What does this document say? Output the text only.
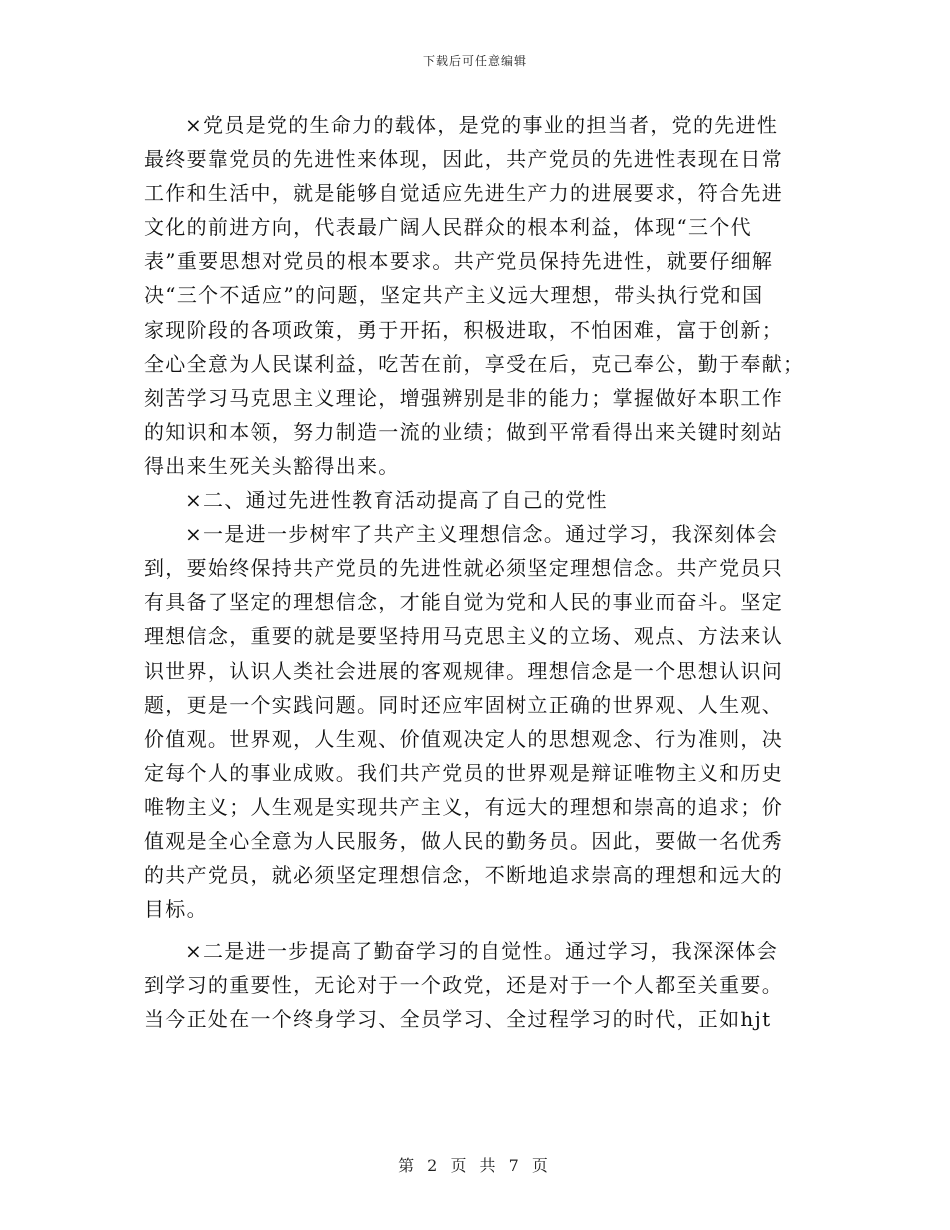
下载后可任意编辑
×党员是党的生命力的载体，是党的事业的担当者，党的先进性
最终要靠党员的先进性来体现，因此，共产党员的先进性表现在日常
工作和生活中，就是能够自觉适应先进生产力的进展要求，符合先进
文化的前进方向，代表最广阔人民群众的根本利益，体现“三个代
表”重要思想对党员的根本要求。共产党员保持先进性，就要仔细解
决“三个不适应”的问题，坚定共产主义远大理想，带头执行党和国
家现阶段的各项政策，勇于开拓，积极进取，不怕困难，富于创新；
全心全意为人民谋利益，吃苦在前，享受在后，克己奉公，勤于奉献；
刻苦学习马克思主义理论，增强辨别是非的能力；掌握做好本职工作
的知识和本领，努力制造一流的业绩；做到平常看得出来关键时刻站
得出来生死关头豁得出来。
×二、通过先进性教育活动提高了自己的党性
×一是进一步树牢了共产主义理想信念。通过学习，我深刻体会
到，要始终保持共产党员的先进性就必须坚定理想信念。共产党员只
有具备了坚定的理想信念，才能自觉为党和人民的事业而奋斗。坚定
理想信念，重要的就是要坚持用马克思主义的立场、观点、方法来认
识世界，认识人类社会进展的客观规律。理想信念是一个思想认识问
题，更是一个实践问题。同时还应牢固树立正确的世界观、人生观、
价值观。世界观，人生观、价值观决定人的思想观念、行为准则，决
定每个人的事业成败。我们共产党员的世界观是辩证唯物主义和历史
唯物主义；人生观是实现共产主义，有远大的理想和崇高的追求；价
值观是全心全意为人民服务，做人民的勤务员。因此，要做一名优秀
的共产党员，就必须坚定理想信念，不断地追求崇高的理想和远大的
目标。
×二是进一步提高了勤奋学习的自觉性。通过学习，我深深体会
到学习的重要性，无论对于一个政党，还是对于一个人都至关重要。
当今正处在一个终身学习、全员学习、全过程学习的时代，正如hjt
第 2 页 共 7 页
